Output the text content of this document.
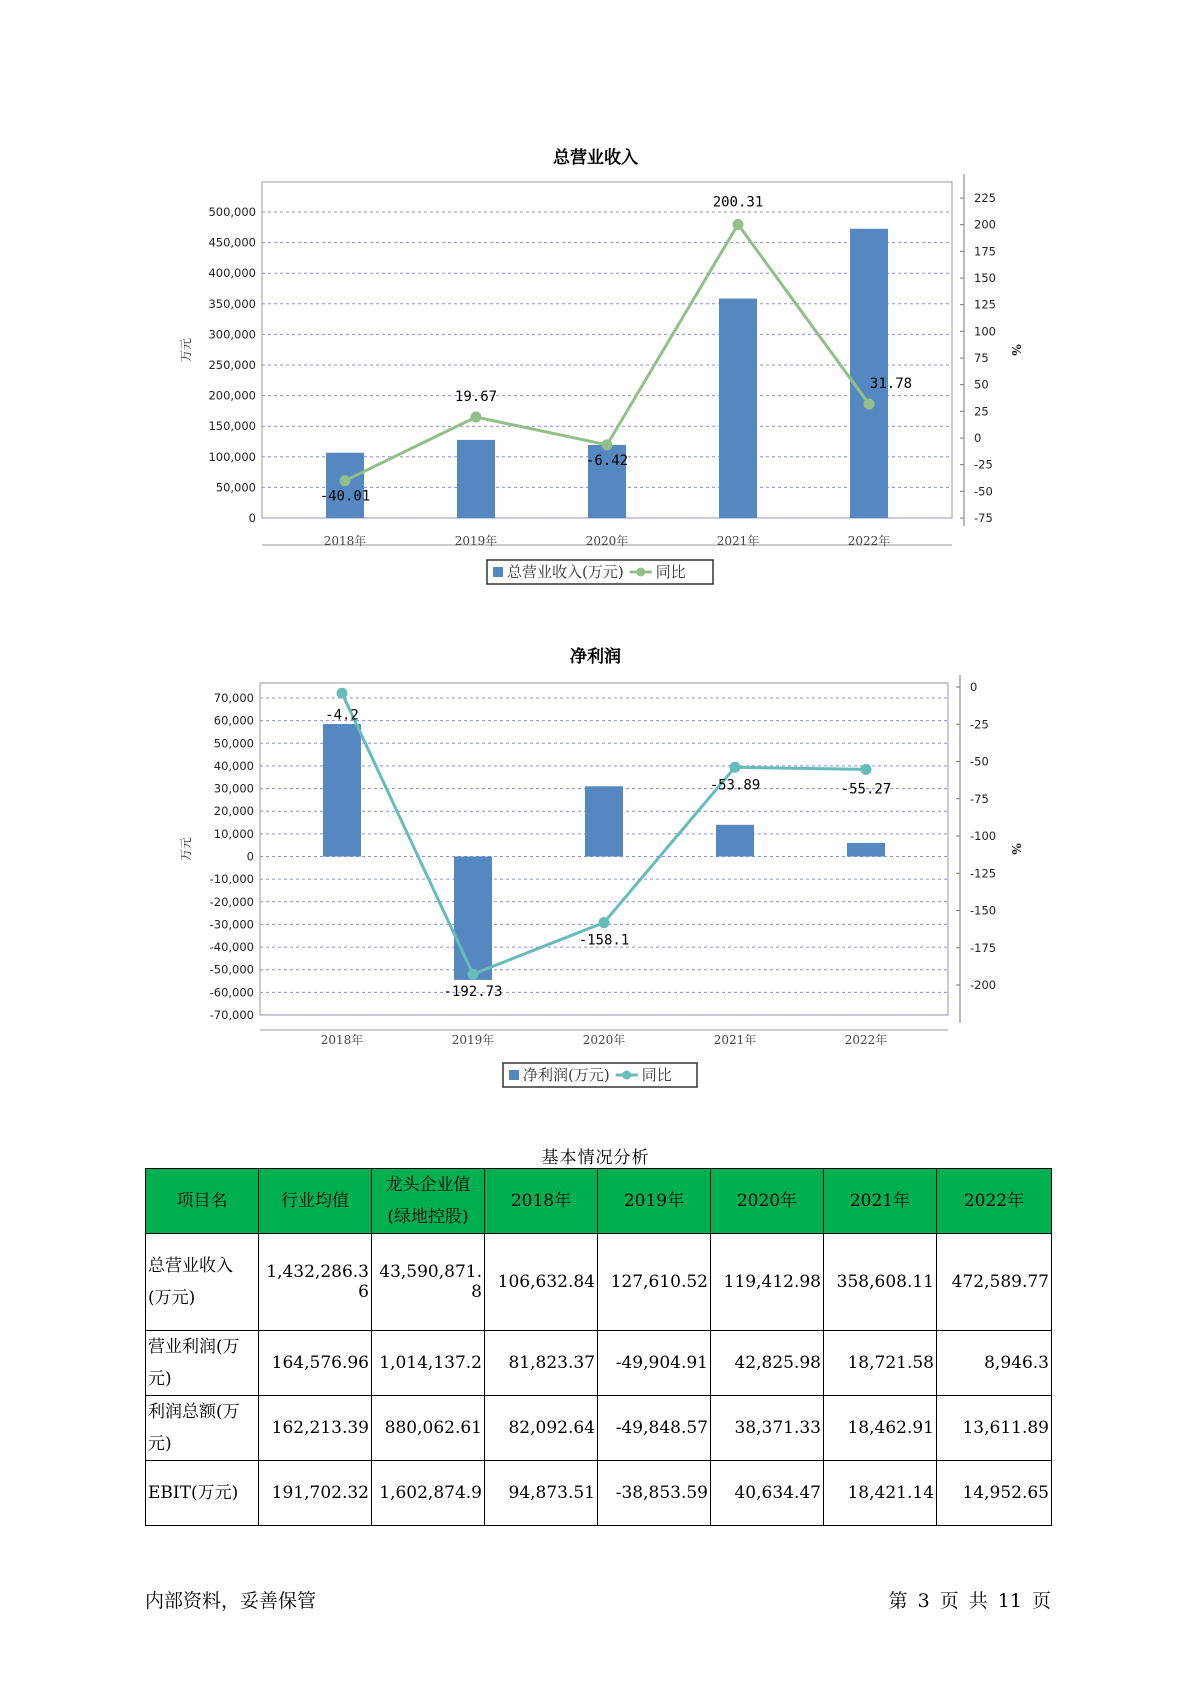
总营业收入
0
50,000
100,000
150,000
200,000
250,000
300,000
350,000
400,000
450,000
500,000
-75
-50
-25
0
25
50
75
100
125
150
175
200
225
万元	%
2018年	2019年	2020年	2021年	2022年
-40.01
19.67
-6.42
200.31
31.78
总营业收入(万元) 同比
净利润
-70,000
-60,000
-50,000
-40,000
-30,000
-20,000
-10,000
0
10,000
20,000
30,000
40,000
50,000
60,000
70,000
-200
-175
-150
-125
-100
-75
-50
-25
0
万元	%
2018年	2019年	2020年	2021年	2022年
-4.2
-192.73
-158.1
-53.89	-55.27
净利润(万元) 同比
基本情况分析
项目名	行业均值	龙头企业值(绿地控股)	2018年	2019年	2020年	2021年	2022年
总营业收入(万元)	1,432,286.36	43,590,871.8	106,632.84	127,610.52	119,412.98	358,608.11	472,589.77
营业利润(万元)	164,576.96	1,014,137.2	81,823.37	-49,904.91	42,825.98	18,721.58	8,946.3
利润总额(万元)	162,213.39	880,062.61	82,092.64	-49,848.57	38,371.33	18,462.91	13,611.89
EBIT(万元)	191,702.32	1,602,874.9	94,873.51	-38,853.59	40,634.47	18,421.14	14,952.65
内部资料，妥善保管	第 3 页 共 11 页
